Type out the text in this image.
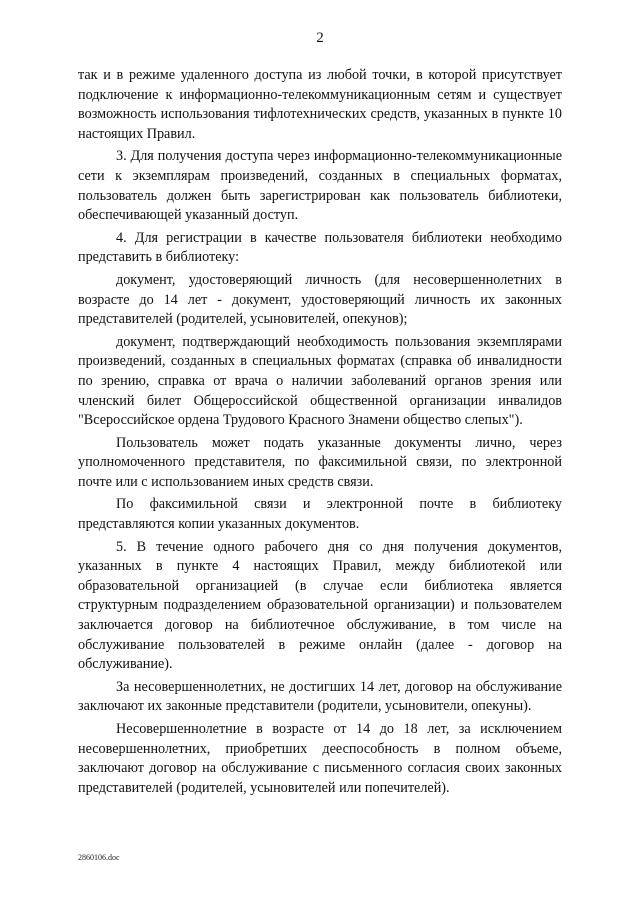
2

так и в режиме удаленного доступа из любой точки, в которой присутствует подключение к информационно-телекоммуникационным сетям и существует возможность использования тифлотехнических средств, указанных в пункте 10 настоящих Правил.

3. Для получения доступа через информационно-телекоммуникационные сети к экземплярам произведений, созданных в специальных форматах, пользователь должен быть зарегистрирован как пользователь библиотеки, обеспечивающей указанный доступ.

4. Для регистрации в качестве пользователя библиотеки необходимо представить в библиотеку:

документ, удостоверяющий личность (для несовершеннолетних в возрасте до 14 лет - документ, удостоверяющий личность их законных представителей (родителей, усыновителей, опекунов);

документ, подтверждающий необходимость пользования экземплярами произведений, созданных в специальных форматах (справка об инвалидности по зрению, справка от врача о наличии заболеваний органов зрения или членский билет Общероссийской общественной организации инвалидов "Всероссийское ордена Трудового Красного Знамени общество слепых").

Пользователь может подать указанные документы лично, через уполномоченного представителя, по факсимильной связи, по электронной почте или с использованием иных средств связи.

По факсимильной связи и электронной почте в библиотеку представляются копии указанных документов.

5. В течение одного рабочего дня со дня получения документов, указанных в пункте 4 настоящих Правил, между библиотекой или образовательной организацией (в случае если библиотека является структурным подразделением образовательной организации) и пользователем заключается договор на библиотечное обслуживание, в том числе на обслуживание пользователей в режиме онлайн (далее - договор на обслуживание).

За несовершеннолетних, не достигших 14 лет, договор на обслуживание заключают их законные представители (родители, усыновители, опекуны).

Несовершеннолетние в возрасте от 14 до 18 лет, за исключением несовершеннолетних, приобретших дееспособность в полном объеме, заключают договор на обслуживание с письменного согласия своих законных представителей (родителей, усыновителей или попечителей).

2860106.doc
